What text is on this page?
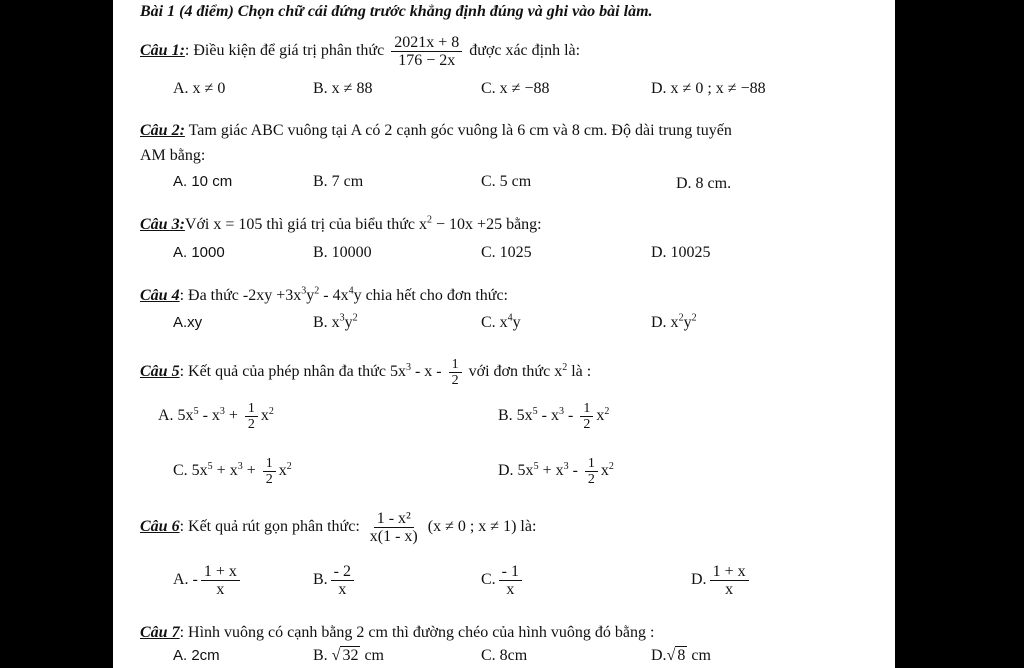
Bài 1 (4 điểm) Chọn chữ cái đứng trước khẳng định đúng và ghi vào bài làm.
Câu 1:: Điều kiện để giá trị phân thức $\frac{2021x + 8}{176 - 2x}$ được xác định là:
A. x ≠ 0	B. x ≠ 88	C. x ≠ −88	D. x ≠ 0 ; x ≠ −88
Câu 2: Tam giác ABC vuông tại A có 2 cạnh góc vuông là 6 cm và 8 cm. Độ dài trung tuyến
AM bằng:
A. 10 cm	B. 7 cm	C. 5 cm	D. 8 cm.
Câu 3:Với x = 105 thì giá trị của biểu thức $x^2 - 10x +25$ bằng:
A. 1000	B. 10000	C. 1025	D. 10025
Câu 4: Đa thức $-2xy +3x^3y^2 - 4x^4y$ chia hết cho đơn thức:
A.xy	B. $x^3y^2$	C. $x^4y$	D. $x^2y^2$
Câu 5: Kết quả của phép nhân đa thức $5x^3$ - x - $\frac{1}{2}$ với đơn thức $x^2$ là :
A. $5x^5 - x^3 + \frac{1}{2} x^2$	B. $5x^5 - x^3 - \frac{1}{2} x^2$
C. $5x^5 + x^3 + \frac{1}{2} x^2$	D. $5x^5 + x^3 - \frac{1}{2} x^2$
Câu 6: Kết quả rút gọn phân thức: $\frac{\text{1 - x²}}{x(1 - x)} (x \ne 0$ ; x ≠ 1) là:
A. - $\frac{1 + x}{x}$	B. $\frac{- 2}{x}$	C. $\frac{- 1}{x}$	D. $\frac{1 + x}{x}$
Câu 7: Hình vuông có cạnh bằng 2 cm thì đường chéo của hình vuông đó bằng :
A. 2cm	B. √ 32 cm	C. 8cm	D.√ 8 cm
